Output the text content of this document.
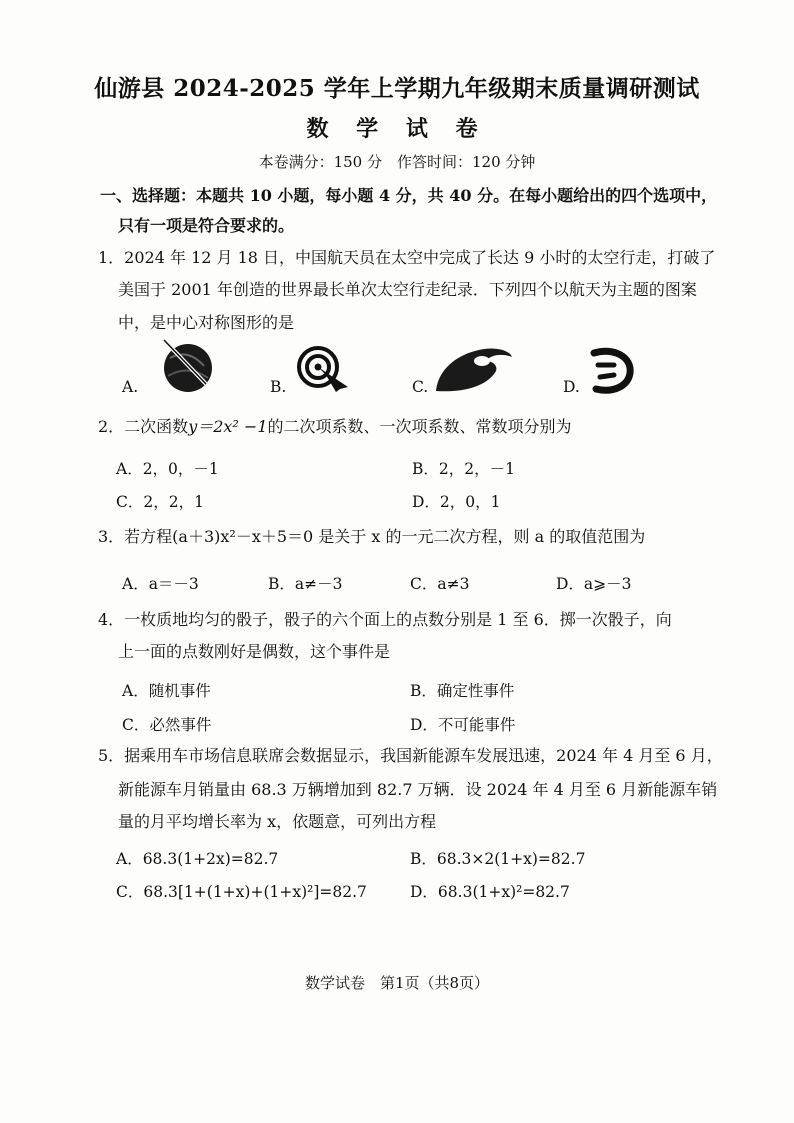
仙游县 2024-2025 学年上学期九年级期末质量调研测试
数 学 试 卷
本卷满分：150 分　作答时间：120 分钟
一、选择题：本题共 10 小题，每小题 4 分，共 40 分。在每小题给出的四个选项中，
只有一项是符合要求的。
1．2024 年 12 月 18 日，中国航天员在太空中完成了长达 9 小时的太空行走，打破了
美国于 2001 年创造的世界最长单次太空行走纪录．下列四个以航天为主题的图案
中，是中心对称图形的是
A.	B.	C.	D.
2．二次函数y＝2x² −1的二次项系数、一次项系数、常数项分别为
A．2，0，－1	B．2，2，－1
C．2，2，1	D．2，0，1
3．若方程(a＋3)x²－x＋5＝0 是关于 x 的一元二次方程，则 a 的取值范围为
A．a＝－3	B．a≠－3	C．a≠3	D．a⩾－3
4．一枚质地均匀的骰子，骰子的六个面上的点数分别是 1 至 6．掷一次骰子，向
上一面的点数刚好是偶数，这个事件是
A．随机事件	B．确定性事件
C．必然事件	D．不可能事件
5．据乘用车市场信息联席会数据显示，我国新能源车发展迅速，2024 年 4 月至 6 月，
新能源车月销量由 68.3 万辆增加到 82.7 万辆．设 2024 年 4 月至 6 月新能源车销
量的月平均增长率为 x，依题意，可列出方程
A．68.3(1+2x)=82.7	B．68.3×2(1+x)=82.7
C．68.3[1+(1+x)+(1+x)²]=82.7	D．68.3(1+x)²=82.7
数学试卷　第1页（共8页）
